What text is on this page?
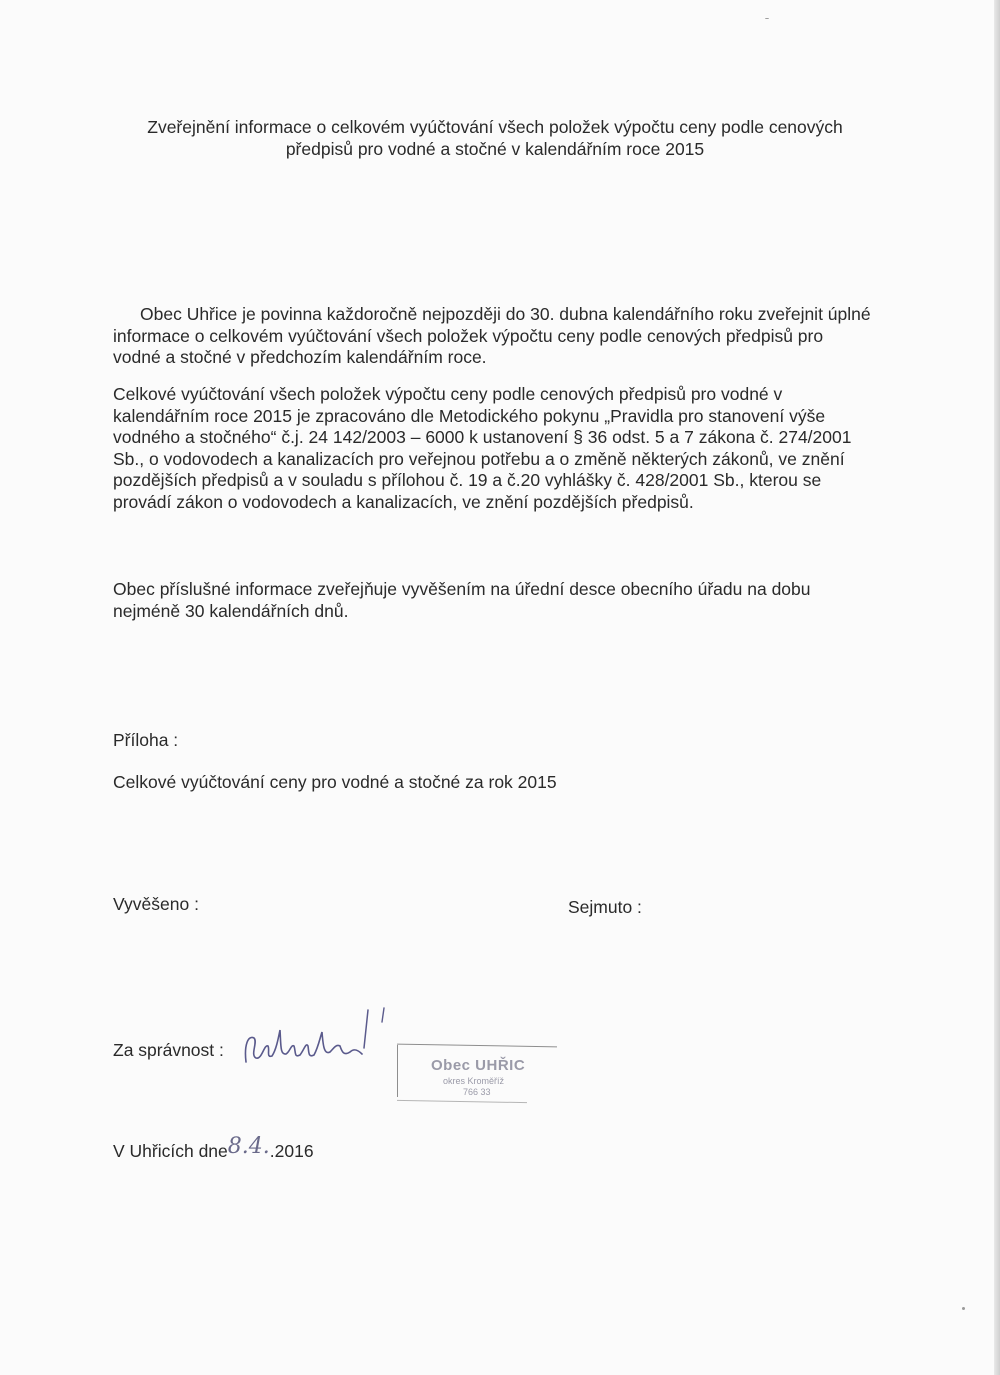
Zveřejnění informace o celkovém vyúčtování všech položek výpočtu ceny podle cenových
předpisů pro vodné a stočné v kalendářním roce 2015
Obec Uhřice je povinna každoročně nejpozději do 30. dubna kalendářního roku zveřejnit úplné informace o celkovém vyúčtování všech položek výpočtu ceny podle cenových předpisů pro vodné a stočné v předchozím kalendářním roce.
Celkové vyúčtování všech položek výpočtu ceny podle cenových předpisů pro vodné v kalendářním roce 2015 je zpracováno dle Metodického pokynu „Pravidla pro stanovení výše vodného a stočného“ č.j. 24 142/2003 – 6000 k ustanovení § 36 odst. 5 a 7 zákona č. 274/2001 Sb., o vodovodech a kanalizacích pro veřejnou potřebu a o změně některých zákonů, ve znění pozdějších předpisů a v souladu s přílohou č. 19 a č.20 vyhlášky č. 428/2001 Sb., kterou se provádí zákon o vodovodech a kanalizacích, ve znění pozdějších předpisů.
Obec příslušné informace zveřejňuje vyvěšením na úřední desce obecního úřadu na dobu nejméně 30 kalendářních dnů.
Příloha :
Celkové vyúčtování ceny pro vodné a stočné za rok 2015
Vyvěšeno :	Sejmuto :
Za správnost :
Obec UHŘIC
okres Kroměříž
766 33
V Uhřicích dne8.4..2016
